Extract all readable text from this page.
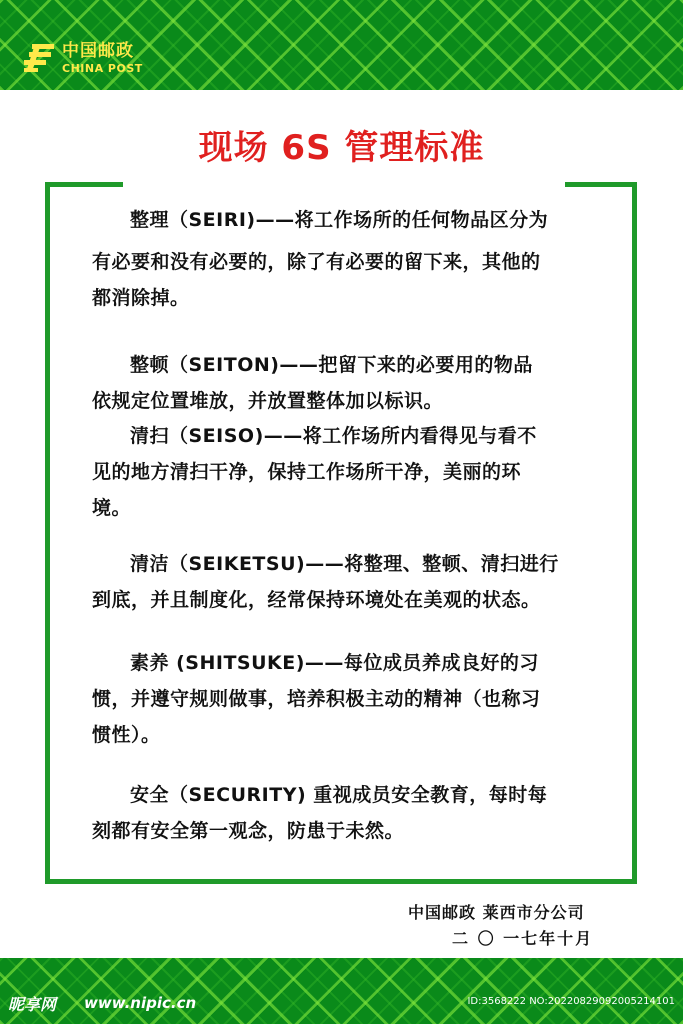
中国邮政
CHINA POST
现场 6S 管理标准
整理（SEIRI)——将工作场所的任何物品区分为
有必要和没有必要的，除了有必要的留下来，其他的
都消除掉。
整顿（SEITON)——把留下来的必要用的物品
依规定位置堆放，并放置整体加以标识。
清扫（SEISO)——将工作场所内看得见与看不
见的地方清扫干净，保持工作场所干净，美丽的环
境。
清洁（SEIKETSU)——将整理、整顿、清扫进行
到底，并且制度化，经常保持环境处在美观的状态。
素养 (SHITSUKE)——每位成员养成良好的习
惯，并遵守规则做事，培养积极主动的精神（也称习
惯性）。
安全（SECURITY) 重视成员安全教育，每时每
刻都有安全第一观念，防患于未然。
中国邮政 莱西市分公司
二 〇 一七年十月
昵享网 www.nipic.cn	ID:3568222 NO:20220829092005214101
